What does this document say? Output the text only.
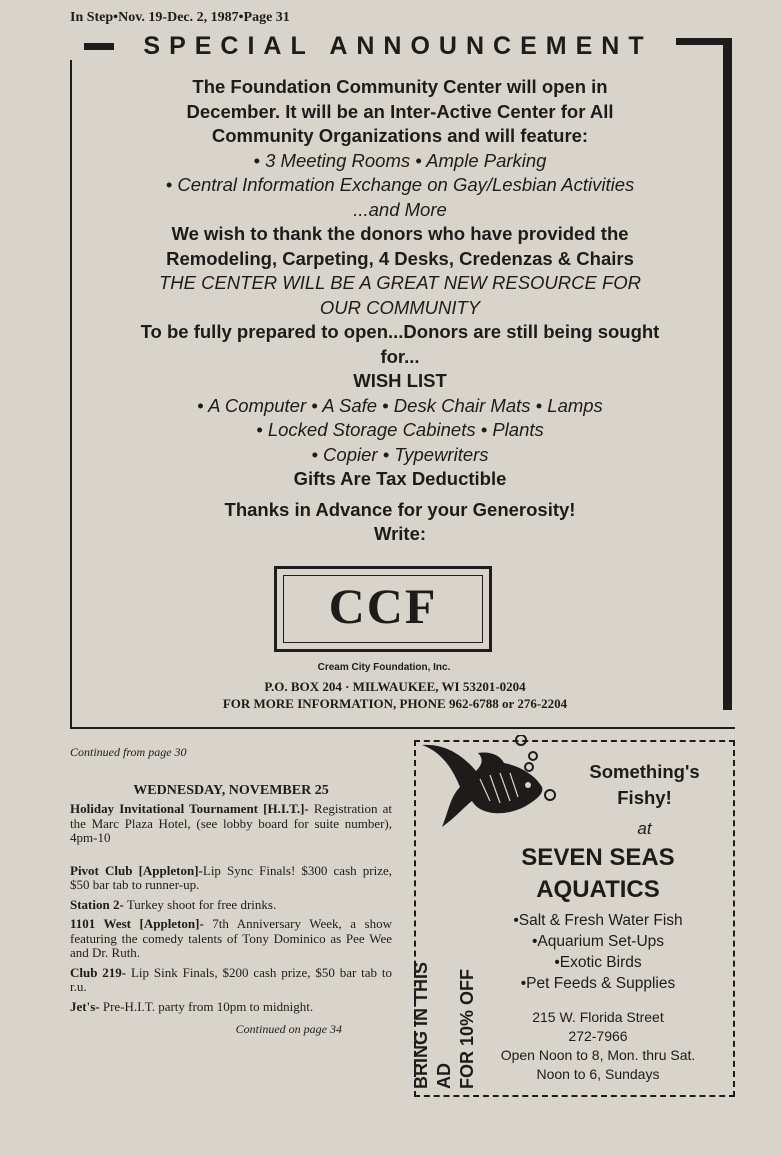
In Step•Nov. 19-Dec. 2, 1987•Page 31
SPECIAL ANNOUNCEMENT
The Foundation Community Center will open in
December. It will be an Inter-Active Center for All
Community Organizations and will feature:
• 3 Meeting Rooms • Ample Parking
• Central Information Exchange on Gay/Lesbian Activities
...and More
We wish to thank the donors who have provided the
Remodeling, Carpeting, 4 Desks, Credenzas & Chairs
THE CENTER WILL BE A GREAT NEW RESOURCE FOR
OUR COMMUNITY
To be fully prepared to open...Donors are still being sought
for...
WISH LIST
• A Computer • A Safe • Desk Chair Mats • Lamps
• Locked Storage Cabinets • Plants
• Copier • Typewriters
Gifts Are Tax Deductible
Thanks in Advance for your Generosity!
Write:
CCF
Cream City Foundation, Inc.
P.O. BOX 204 · MILWAUKEE, WI 53201-0204
FOR MORE INFORMATION, PHONE 962-6788 or 276-2204
Continued from page 30
WEDNESDAY, NOVEMBER 25
Holiday Invitational Tournament [H.I.T.]- Registration at the Marc Plaza Hotel, (see lobby board for suite number), 4pm-10
Pivot Club [Appleton]-Lip Sync Finals! $300 cash prize, $50 bar tab to runner-up.
Station 2- Turkey shoot for free drinks.
1101 West [Appleton]- 7th Anniversary Week, a show featuring the comedy talents of Tony Dominico as Pee Wee and Dr. Ruth.
Club 219- Lip Sink Finals, $200 cash prize, $50 bar tab to r.u.
Jet's- Pre-H.I.T. party from 10pm to midnight.
Continued on page 34	BRING IN THIS AD FOR 10% OFF
Something's
Fishy!
at
SEVEN SEAS
AQUATICS
•Salt & Fresh Water Fish
•Aquarium Set-Ups
•Exotic Birds
•Pet Feeds & Supplies
215 W. Florida Street
272-7966
Open Noon to 8, Mon. thru Sat.
Noon to 6, Sundays
